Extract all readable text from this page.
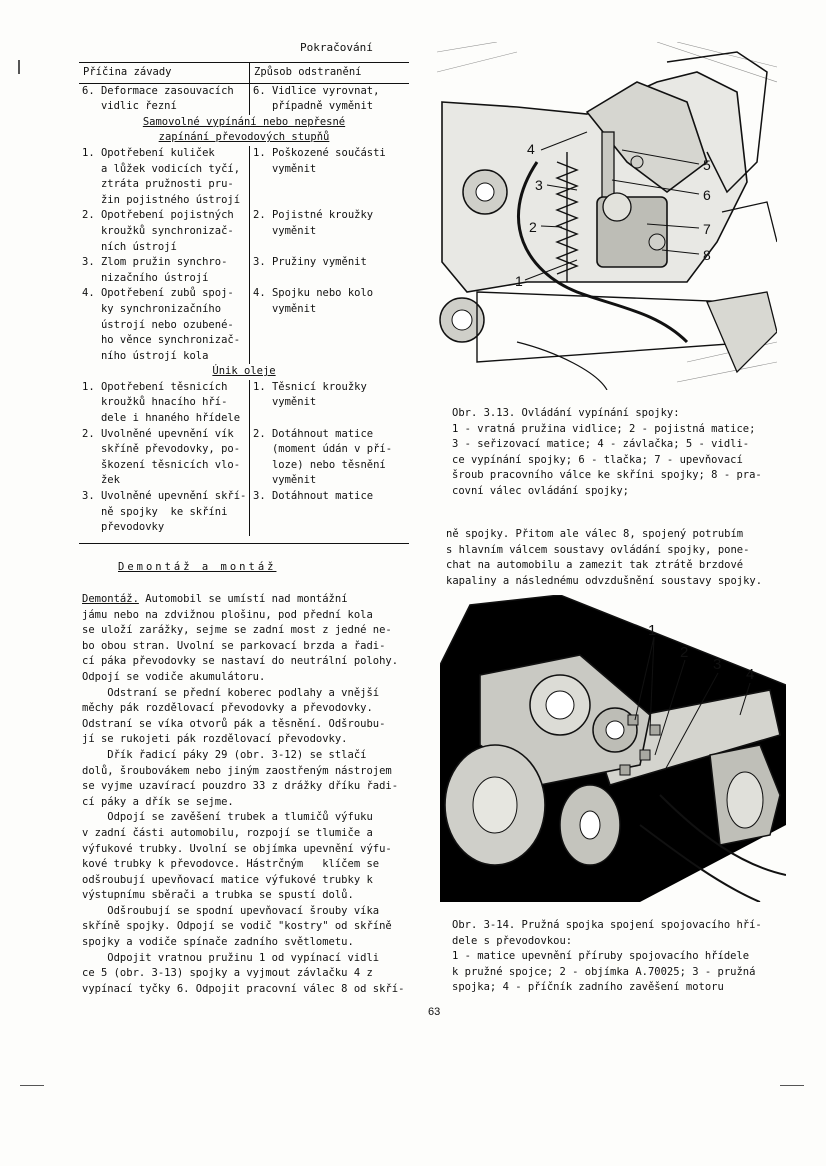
Pokračování
Příčina závady	Způsob odstranění

6. Deformace zasouvacích
vidlic řezní	6. Vidlice vyrovnat,
případně vyměnit

Samovolné vypínání nebo nepřesné
zapínání převodových stupňů	

1. Opotřebení kuliček
a lůžek vodicích tyčí,
ztráta pružnosti pru-
žin pojistného ústrojí	1. Poškozené součásti
vyměnit

2. Opotřebení pojistných
kroužků synchronizač-
ních ústrojí	2. Pojistné kroužky
vyměnit

3. Zlom pružin synchro-
nizačního ústrojí	3. Pružiny vyměnit

4. Opotřebení zubů spoj-
ky synchronizačního
ústrojí nebo ozubené-
ho věnce synchronizač-
ního ústrojí kola	4. Spojku nebo kolo
vyměnit

Únik oleje	

1. Opotřebení těsnicích
kroužků hnacího hří-
dele i hnaného hřídele	1. Těsnicí kroužky
vyměnit

2. Uvolněné upevnění vík
skříně převodovky, po-
škození těsnicích vlo-
žek	2. Dotáhnout matice
(moment údán v pří-
loze) nebo těsnění
vyměnit

3. Uvolněné upevnění skří-
ně spojky  ke skříni
převodovky	3. Dotáhnout matice
Demontáž a montáž
Demontáž. Automobil se umístí nad montážní
jámu nebo na zdvižnou plošinu, pod přední kola
se uloží zarážky, sejme se zadní most z jedné ne-
bo obou stran. Uvolní se parkovací brzda a řadi-
cí páka převodovky se nastaví do neutrální polohy.
Odpojí se vodiče akumulátoru.
Odstraní se přední koberec podlahy a vnější
měchy pák rozdělovací převodovky a převodovky.
Odstraní se víka otvorů pák a těsnění. Odšroubu-
jí se rukojeti pák rozdělovací převodovky.
Dřík řadicí páky 29 (obr. 3-12) se stlačí
dolů, šroubovákem nebo jiným zaostřeným nástrojem
se vyjme uzavírací pouzdro 33 z drážky dříku řadi-
cí páky a dřík se sejme.
Odpojí se zavěšení trubek a tlumičů výfuku
v zadní části automobilu, rozpojí se tlumiče a
výfukové trubky. Uvolní se objímka upevnění výfu-
kové trubky k převodovce. Hástrčným   klíčem se
odšroubují upevňovací matice výfukové trubky k
výstupnímu sběrači a trubka se spustí dolů.
Odšroubují se spodní upevňovací šrouby víka
skříně spojky. Odpojí se vodič "kostry" od skříně
spojky a vodiče spínače zadního světlometu.
Odpojit vratnou pružinu 1 od vypínací vidli
ce 5 (obr. 3-13) spojky a vyjmout závlačku 4 z
vypínací tyčky 6. Odpojit pracovní válec 8 od skří-
4
3
2
1
5
6
7
8
Obr. 3.13. Ovládání vypínání spojky:
1 - vratná pružina vidlice; 2 - pojistná matice;
3 - seřizovací matice; 4 - závlačka; 5 - vidli-
ce vypínání spojky; 6 - tlačka; 7 - upevňovací
šroub pracovního válce ke skříni spojky; 8 - pra-
covní válec ovládání spojky;
ně spojky. Přitom ale válec 8, spojený potrubím
s hlavním válcem soustavy ovládání spojky, pone-
chat na automobilu a zamezit tak ztrátě brzdové
kapaliny a následnému odvzdušnění soustavy spojky.
1
2
3
4
Obr. 3-14. Pružná spojka spojení spojovacího hří-
dele s převodovkou:
1 - matice upevnění příruby spojovacího hřídele
k pružné spojce; 2 - objímka A.70025; 3 - pružná
spojka; 4 - příčník zadního zavěšení motoru
63
